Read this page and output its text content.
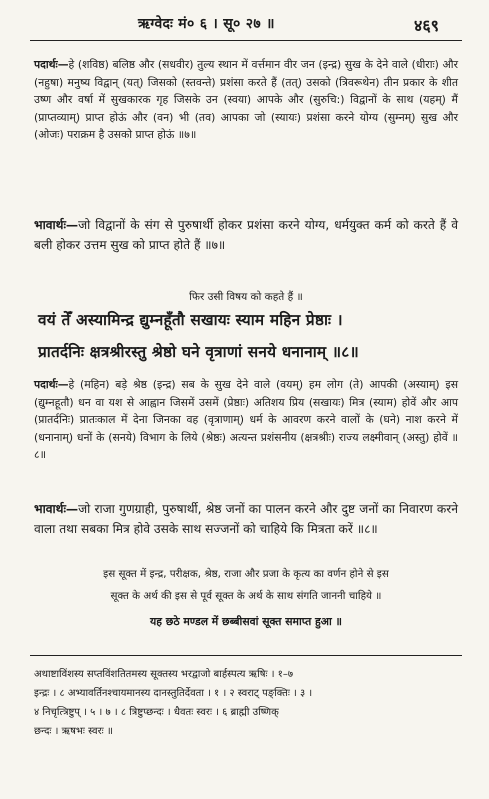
ऋग्वेदः मं० ६ । सू० २७ ॥	४६९

पदार्थः—हे (शविष्ठ) बलिष्ठ और (सधवीर) तुल्य स्थान में वर्त्तमान वीर जन (इन्द्र) सुख के देने वाले (धीराः) और (नहुषा) मनुष्य विद्वान् (यत्) जिसको (स्तवन्ते) प्रशंसा करते हैं (तत्) उसको (त्रिवरूथेन) तीन प्रकार के शीत उष्ण और वर्षा में सुखकारक गृह जिसके उन (स्वया) आपके और (सुरुचि:) विद्वानों के साथ (यहम्) मैं (प्राप्तव्याम्) प्राप्त होऊं और (वन) भी (तव) आपका जो (स्यायः) प्रशंसा करने योग्य (सुम्नम्) सुख और (ओजः) पराक्रम है उसको प्राप्त होऊं ॥७॥

भावार्थः—जो विद्वानों के संग से पुरुषार्थी होकर प्रशंसा करने योग्य, धर्मयुक्त कर्म को करते हैं वे बली होकर उत्तम सुख को प्राप्त होते हैं ॥७॥

फिर उसी विषय को कहते हैं ॥

वयं तेँ अस्यामिन्द्र द्युम्नहूँतौ सखायः स्याम महिन प्रेष्ठाः ।

प्रातर्दनिः क्षत्रश्रीरस्तु श्रेष्ठो घने वृत्राणां सनये धनानाम् ॥८॥

पदार्थः—हे (महिन) बड़े श्रेष्ठ (इन्द्र) सब के सुख देने वाले (वयम्) हम लोग (ते) आपकी (अस्याम्) इस (द्युम्नहूतौ) धन वा यश से आह्वान जिसमें उसमें (प्रेष्ठाः) अतिशय प्रिय (सखायः) मित्र (स्याम) होवें और आप (प्रातर्दनिः) प्रातःकाल में देना जिनका वह (वृत्राणाम्) धर्म के आवरण करने वालों के (घने) नाश करने में (धनानाम्) धनों के (सनये) विभाग के लिये (श्रेष्ठः) अत्यन्त प्रशंसनीय (क्षत्रश्रीः) राज्य लक्ष्मीवान् (अस्तु) होवें ॥८॥

भावार्थः—जो राजा गुणग्राही, पुरुषार्थी, श्रेष्ठ जनों का पालन करने और दुष्ट जनों का निवारण करने वाला तथा सबका मित्र होवे उसके साथ सज्जनों को चाहिये कि मित्रता करें ॥८॥

इस सूक्त में इन्द्र, परीक्षक, श्रेष्ठ, राजा और प्रजा के कृत्य का वर्णन होने से इस

सूक्त के अर्थ की इस से पूर्व सूक्त के अर्थ के साथ संगति जाननी चाहिये ॥

यह छठे मण्डल में छब्बीसवां सूक्त समाप्त हुआ ॥

अथाष्टाविंशस्य सप्तविंशतितमस्य सूक्तस्य भरद्वाजो बार्हस्पत्य ऋषिः । १–७

इन्द्रः । ८ अभ्यावर्तिनश्चायमानस्य दानस्तुतिर्देवता । १ । २ स्वराट् पङ्क्तिः । ३ ।

४ निचृत्त्रिष्टुप् । ५ । ७ । ८ त्रिष्टुप्छन्दः । धैवतः स्वरः । ६ ब्राह्मी उष्णिक्

छन्दः । ऋषभः स्वरः ॥
